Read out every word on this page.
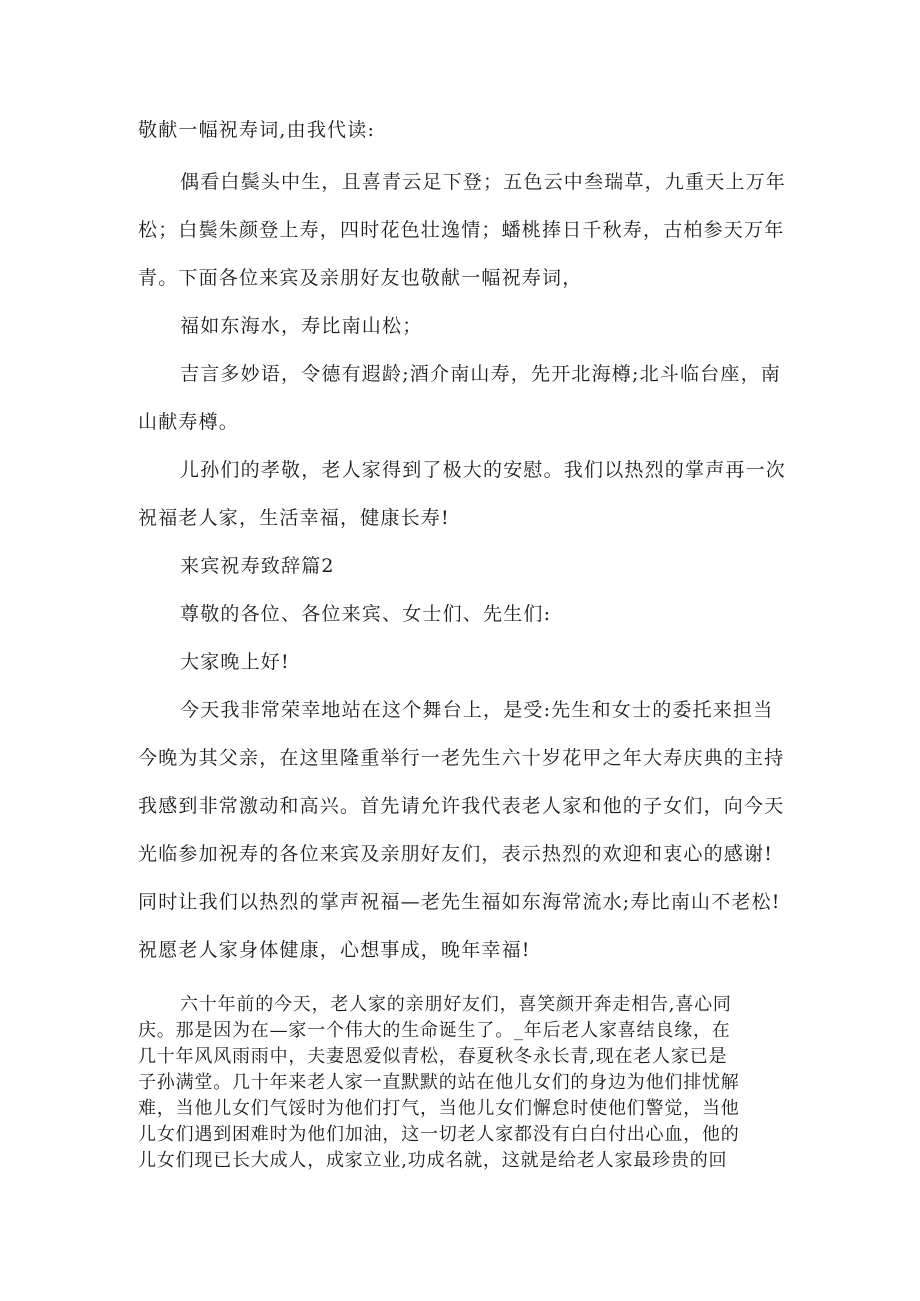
敬献一幅祝寿词,由我代读:
偶看白鬓头中生，且喜青云足下登；五色云中叁瑞草，九重天上万年
松；白鬓朱颜登上寿，四时花色壮逸情；蟠桃捧日千秋寿，古柏参天万年
青。下面各位来宾及亲朋好友也敬献一幅祝寿词，
福如东海水，寿比南山松；
吉言多妙语，令德有遐龄;酒介南山寿，先开北海樽;北斗临台座，南
山献寿樽。
儿孙们的孝敬，老人家得到了极大的安慰。我们以热烈的掌声再一次
祝福老人家，生活幸福，健康长寿!
来宾祝寿致辞篇2
尊敬的各位、各位来宾、女士们、先生们:
大家晚上好!
今天我非常荣幸地站在这个舞台上，是受:先生和女士的委托来担当
今晚为其父亲，在这里隆重举行一老先生六十岁花甲之年大寿庆典的主持
我感到非常激动和高兴。首先请允许我代表老人家和他的子女们，向今天
光临参加祝寿的各位来宾及亲朋好友们，表示热烈的欢迎和衷心的感谢!
同时让我们以热烈的掌声祝福—老先生福如东海常流水;寿比南山不老松!
祝愿老人家身体健康，心想事成，晚年幸福!
六十年前的今天，老人家的亲朋好友们，喜笑颜开奔走相告,喜心同
庆。那是因为在—家一个伟大的生命诞生了。_年后老人家喜结良缘，在
几十年风风雨雨中，夫妻恩爱似青松，春夏秋冬永长青,现在老人家已是
子孙满堂。几十年来老人家一直默默的站在他儿女们的身边为他们排忧解
难，当他儿女们气馁时为他们打气，当他儿女们懈怠时使他们警觉，当他
儿女们遇到困难时为他们加油，这一切老人家都没有白白付出心血，他的
儿女们现已长大成人，成家立业,功成名就，这就是给老人家最珍贵的回
